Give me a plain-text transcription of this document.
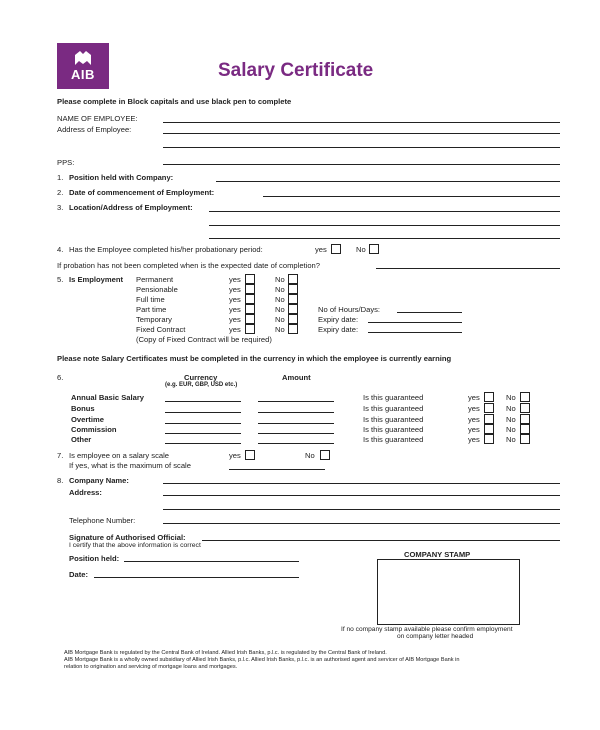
AIB	Salary Certificate
Please complete in Block capitals and use black pen to complete
NAME OF EMPLOYEE:
Address of Employee:
PPS:
1. Position held with Company:
2. Date of commencement of Employment:
3. Location/Address of Employment:
4. Has the Employee completed his/her probationary period:	yes	No
If probation has not been completed when is the expected date of completion?
5. Is Employment Permanent	yes	No
Pensionable	yes	No
Full time	yes	No
Part time	yes	No	No of Hours/Days:
Temporary	yes	No	Expiry date:
Fixed Contract	yes	No	Expiry date:
(Copy of Fixed Contract will be required)
Please note Salary Certificates must be completed in the currency in which the employee is currently earning
6.	Currency
(e.g. EUR, GBP, USD etc.)
Amount
Annual Basic Salary	Is this guaranteed	yes	No
Bonus	Is this guaranteed	yes	No
Overtime	Is this guaranteed	yes	No
Commission	Is this guaranteed	yes	No
Other	Is this guaranteed	yes	No
7. Is employee on a salary scale	yes	No
If yes, what is the maximum of scale
8. Company Name:
Address:
Telephone Number:
Signature of Authorised Official:
I certify that the above information is correct
Position held:
Date:
COMPANY STAMP
If no company stamp available please confirm employment
on company letter headed
AIB Mortgage Bank is regulated by the Central Bank of Ireland. Allied Irish Banks, p.l.c. is regulated by the Central Bank of Ireland.
AIB Mortgage Bank is a wholly owned subsidiary of Allied Irish Banks, p.l.c. Allied Irish Banks, p.l.c. is an authorised agent and servicer of AIB Mortgage Bank in
relation to origination and servicing of mortgage loans and mortgages.
